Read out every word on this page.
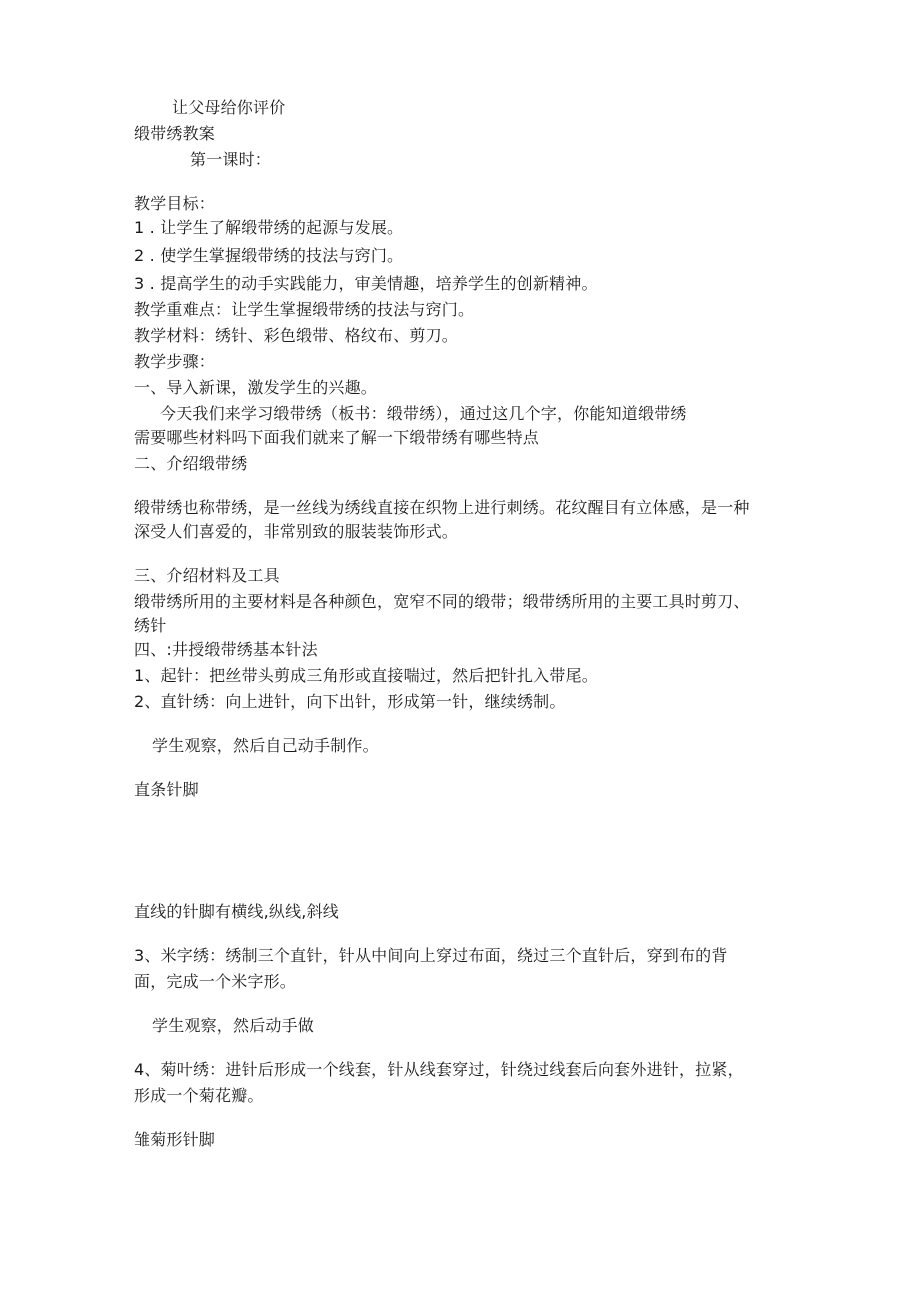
让父母给你评价
缎带绣教案
第一课时：
教学目标：
1 . 让学生了解缎带绣的起源与发展。
2 . 使学生掌握缎带绣的技法与窍门。
3 . 提高学生的动手实践能力，审美情趣，培养学生的创新精神。
教学重难点：让学生掌握缎带绣的技法与窍门。
教学材料：绣针、彩色缎带、格纹布、剪刀。
教学步骤：
一、导入新课，激发学生的兴趣。
今天我们来学习缎带绣（板书：缎带绣），通过这几个字，你能知道缎带绣
需要哪些材料吗下面我们就来了解一下缎带绣有哪些特点
二、介绍缎带绣
缎带绣也称带绣，是一丝线为绣线直接在织物上进行刺绣。花纹醒目有立体感，是一种
深受人们喜爱的，非常别致的服装装饰形式。
三、介绍材料及工具
缎带绣所用的主要材料是各种颜色，宽窄不同的缎带；缎带绣所用的主要工具时剪刀、
绣针
四、:井授缎带绣基本针法
1、起针：把丝带头剪成三角形或直接喘过，然后把针扎入带尾。
2、直针绣：向上进针，向下出针，形成第一针，继续绣制。
学生观察，然后自己动手制作。
直条针脚
直线的针脚有横线,纵线,斜线
3、米字绣：绣制三个直针，针从中间向上穿过布面，绕过三个直针后，穿到布的背
面，完成一个米字形。
学生观察，然后动手做
4、菊叶绣：进针后形成一个线套，针从线套穿过，针绕过线套后向套外进针，拉紧，
形成一个菊花瓣。
雏菊形针脚
